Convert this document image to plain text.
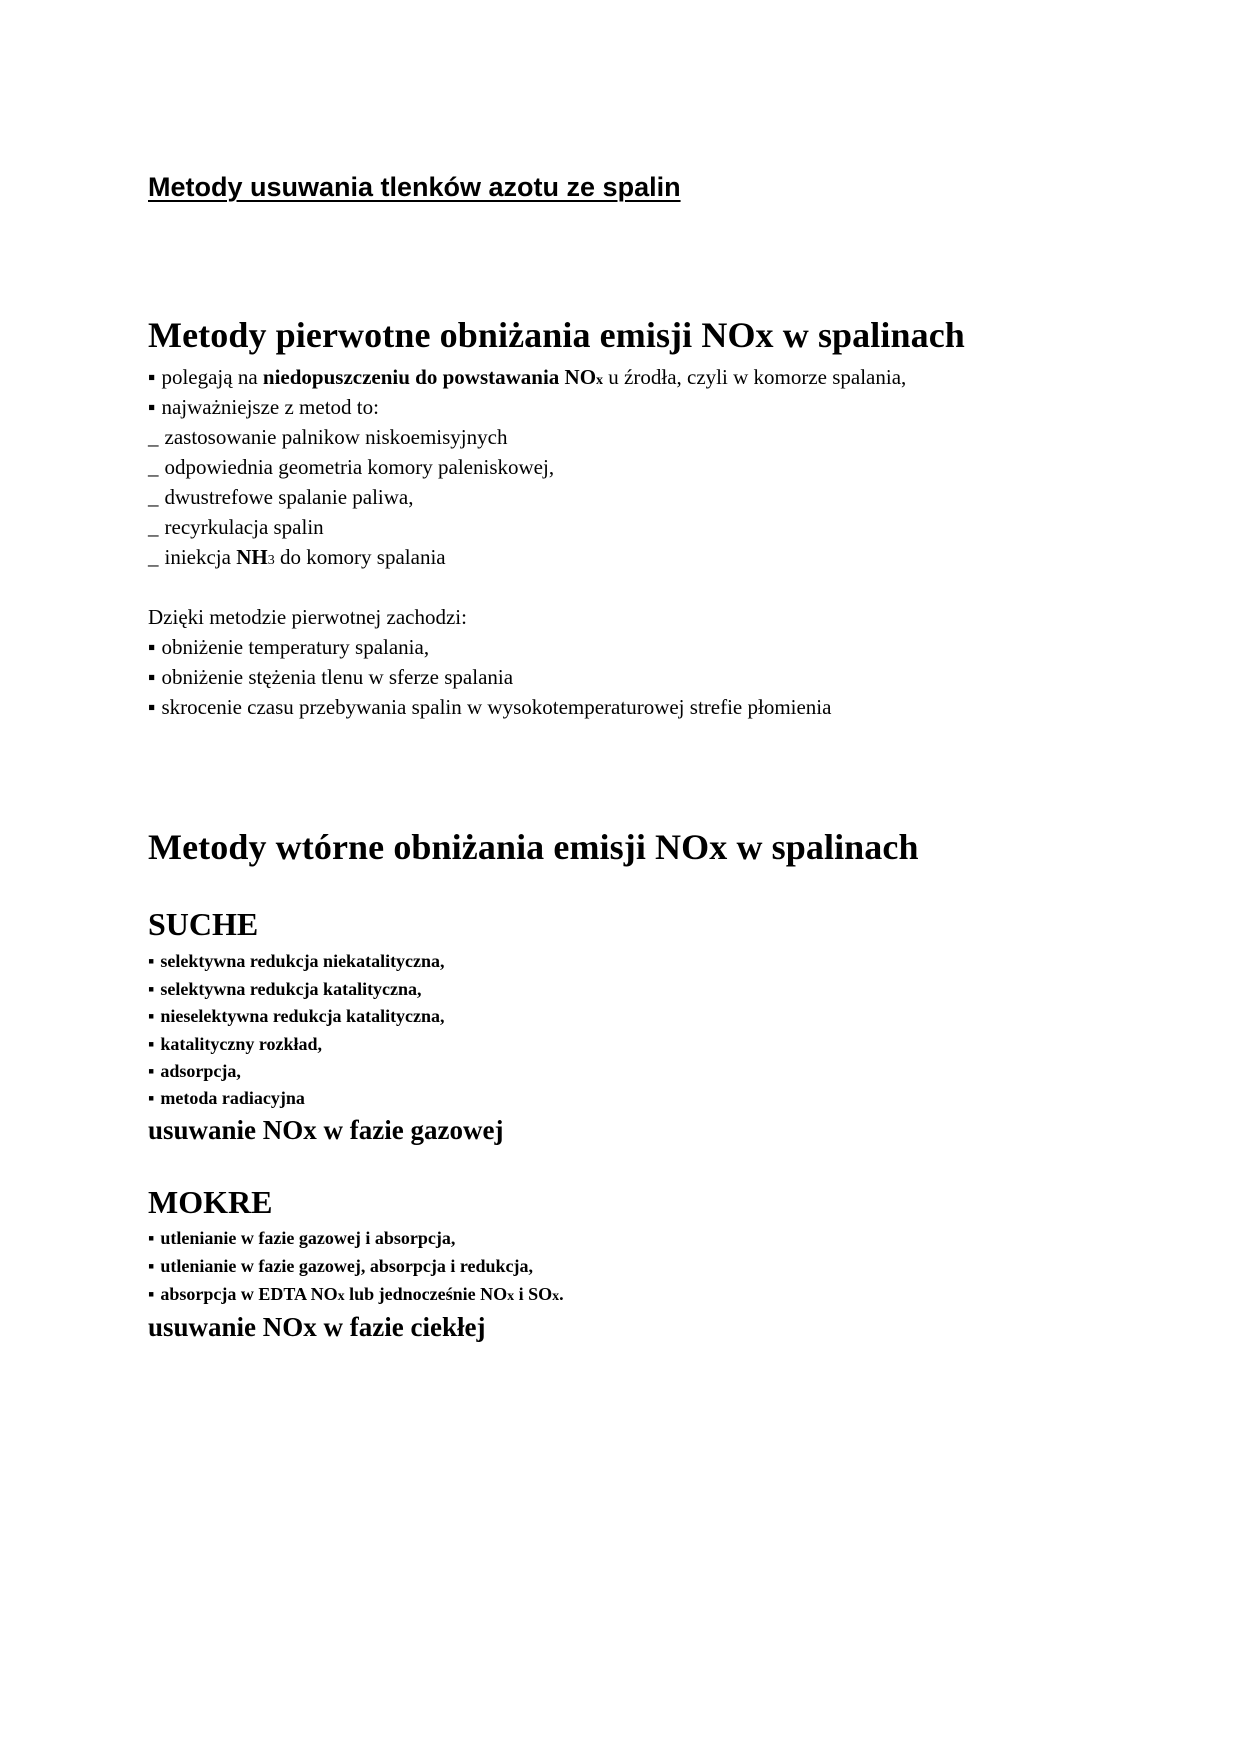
Metody usuwania tlenków azotu ze spalin
Metody pierwotne obniżania emisji NOx w spalinach
▪ polegają na niedopuszczeniu do powstawania NOx u źrodła, czyli w komorze spalania,
▪ najważniejsze z metod to:
_ zastosowanie palnikow niskoemisyjnych
_ odpowiednia geometria komory paleniskowej,
_ dwustrefowe spalanie paliwa,
_ recyrkulacja spalin
_ iniekcja NH3 do komory spalania
Dzięki metodzie pierwotnej zachodzi:
▪ obniżenie temperatury spalania,
▪ obniżenie stężenia tlenu w sferze spalania
▪ skrocenie czasu przebywania spalin w wysokotemperaturowej strefie płomienia
Metody wtórne obniżania emisji NOx w spalinach
SUCHE
▪ selektywna redukcja niekatalityczna,
▪ selektywna redukcja katalityczna,
▪ nieselektywna redukcja katalityczna,
▪ katalityczny rozkład,
▪ adsorpcja,
▪ metoda radiacyjna
usuwanie NOx w fazie gazowej
MOKRE
▪ utlenianie w fazie gazowej i absorpcja,
▪ utlenianie w fazie gazowej, absorpcja i redukcja,
▪ absorpcja w EDTA NOx lub jednocześnie NOx i SOx.
usuwanie NOx w fazie ciekłej
